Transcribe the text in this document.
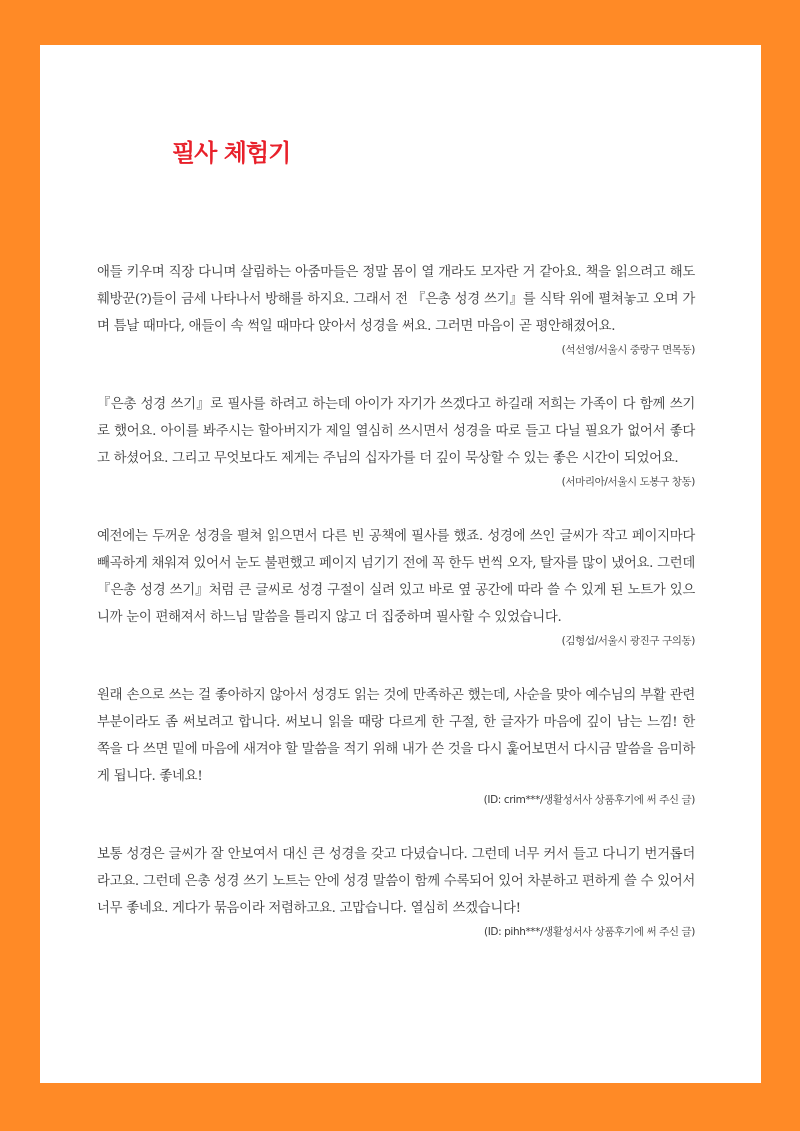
필사 체험기

애들 키우며 직장 다니며 살림하는 아줌마들은 정말 몸이 열 개라도 모자란 거 같아요. 책을 읽으려고 해도 훼방꾼(?)들이 금세 나타나서 방해를 하지요. 그래서 전 『은총 성경 쓰기』를 식탁 위에 펼쳐놓고 오며 가며 틈날 때마다, 애들이 속 썩일 때마다 앉아서 성경을 써요. 그러면 마음이 곧 평안해졌어요.

(석선영/서울시 중랑구 면목동)

『은총 성경 쓰기』로 필사를 하려고 하는데 아이가 자기가 쓰겠다고 하길래 저희는 가족이 다 함께 쓰기로 했어요. 아이를 봐주시는 할아버지가 제일 열심히 쓰시면서 성경을 따로 들고 다닐 필요가 없어서 좋다고 하셨어요. 그리고 무엇보다도 제게는 주님의 십자가를 더 깊이 묵상할 수 있는 좋은 시간이 되었어요.

(서마리아/서울시 도봉구 창동)

예전에는 두꺼운 성경을 펼쳐 읽으면서 다른 빈 공책에 필사를 했죠. 성경에 쓰인 글씨가 작고 페이지마다 빼곡하게 채워져 있어서 눈도 불편했고 페이지 넘기기 전에 꼭 한두 번씩 오자, 탈자를 많이 냈어요. 그런데 『은총 성경 쓰기』처럼 큰 글씨로 성경 구절이 실려 있고 바로 옆 공간에 따라 쓸 수 있게 된 노트가 있으니까 눈이 편해져서 하느님 말씀을 틀리지 않고 더 집중하며 필사할 수 있었습니다.

(김형섭/서울시 광진구 구의동)

원래 손으로 쓰는 걸 좋아하지 않아서 성경도 읽는 것에 만족하곤 했는데, 사순을 맞아 예수님의 부활 관련 부분이라도 좀 써보려고 합니다. 써보니 읽을 때랑 다르게 한 구절, 한 글자가 마음에 깊이 남는 느낌! 한 쪽을 다 쓰면 밑에 마음에 새겨야 할 말씀을 적기 위해 내가 쓴 것을 다시 훑어보면서 다시금 말씀을 음미하게 됩니다. 좋네요!

(ID: crim***/생활성서사 상품후기에 써 주신 글)

보통 성경은 글씨가 잘 안보여서 대신 큰 성경을 갖고 다녔습니다. 그런데 너무 커서 들고 다니기 번거롭더라고요. 그런데 은총 성경 쓰기 노트는 안에 성경 말씀이 함께 수록되어 있어 차분하고 편하게 쓸 수 있어서 너무 좋네요. 게다가 묶음이라 저렴하고요. 고맙습니다. 열심히 쓰겠습니다!

(ID: pihh***/생활성서사 상품후기에 써 주신 글)
